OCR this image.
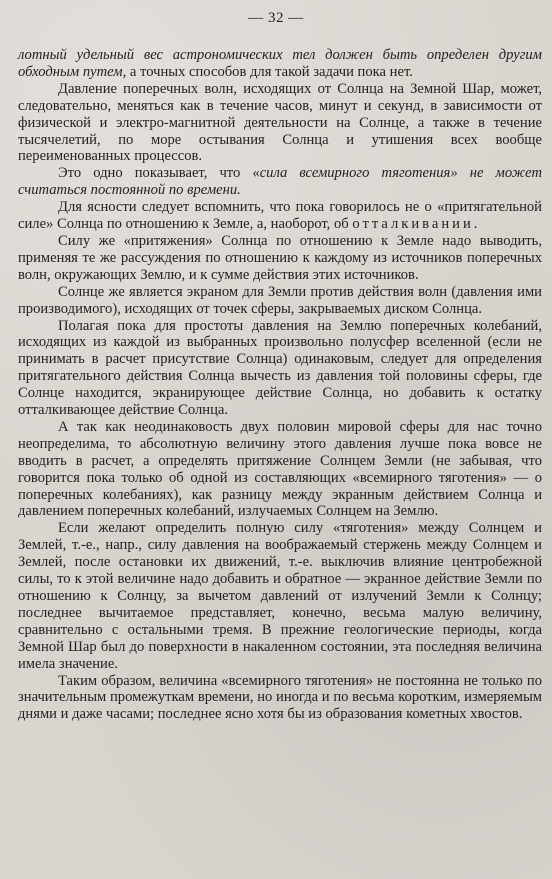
— 32 —

лотный удельный вес астрономических тел должен быть определен другим обходным путем, а точных способов для такой задачи пока нет.

Давление поперечных волн, исходящих от Солнца на Земной Шар, может, следовательно, меняться как в течение часов, минут и секунд, в зависимости от физической и электро-магнитной деятельности на Солнце, а также в течение тысячелетий, по море остывания Солнца и утишения всех вообще переименованных процессов.

Это одно показывает, что «сила всемирного тяготения» не может считаться постоянной по времени.

Для ясности следует вспомнить, что пока говорилось не о «притягательной силе» Солнца по отношению к Земле, а, наоборот, об отталкивании.

Силу же «притяжения» Солнца по отношению к Земле надо выводить, применяя те же рассуждения по отношению к каждому из источников поперечных волн, окружающих Землю, и к сумме действия этих источников.

Солнце же является экраном для Земли против действия волн (давления ими производимого), исходящих от точек сферы, закрываемых диском Солнца.

Полагая пока для простоты давления на Землю поперечных колебаний, исходящих из каждой из выбранных произвольно полусфер вселенной (если не принимать в расчет присутствие Солнца) одинаковым, следует для определения притягательного действия Солнца вычесть из давления той половины сферы, где Солнце находится, экранирующее действие Солнца, но добавить к остатку отталкивающее действие Солнца.

А так как неодинаковость двух половин мировой сферы для нас точно неопределима, то абсолютную величину этого давления лучше пока вовсе не вводить в расчет, а определять притяжение Солнцем Земли (не забывая, что говорится пока только об одной из составляющих «всемирного тяготения» — о поперечных колебаниях), как разницу между экранным действием Солнца и давлением поперечных колебаний, излучаемых Солнцем на Землю.

Если желают определить полную силу «тяготения» между Солнцем и Землей, т.-е., напр., силу давления на воображаемый стержень между Солнцем и Землей, после остановки их движений, т.-е. выключив влияние центробежной силы, то к этой величине надо добавить и обратное — экранное действие Земли по отношению к Солнцу, за вычетом давлений от излучений Земли к Солнцу; последнее вычитаемое представляет, конечно, весьма малую величину, сравнительно с остальными тремя. В прежние геологические периоды, когда Земной Шар был до поверхности в накаленном состоянии, эта последняя величина имела значение.

Таким образом, величина «всемирного тяготения» не постоянна не только по значительным промежуткам времени, но иногда и по весьма коротким, измеряемым днями и даже часами; последнее ясно хотя бы из образования кометных хвостов.
